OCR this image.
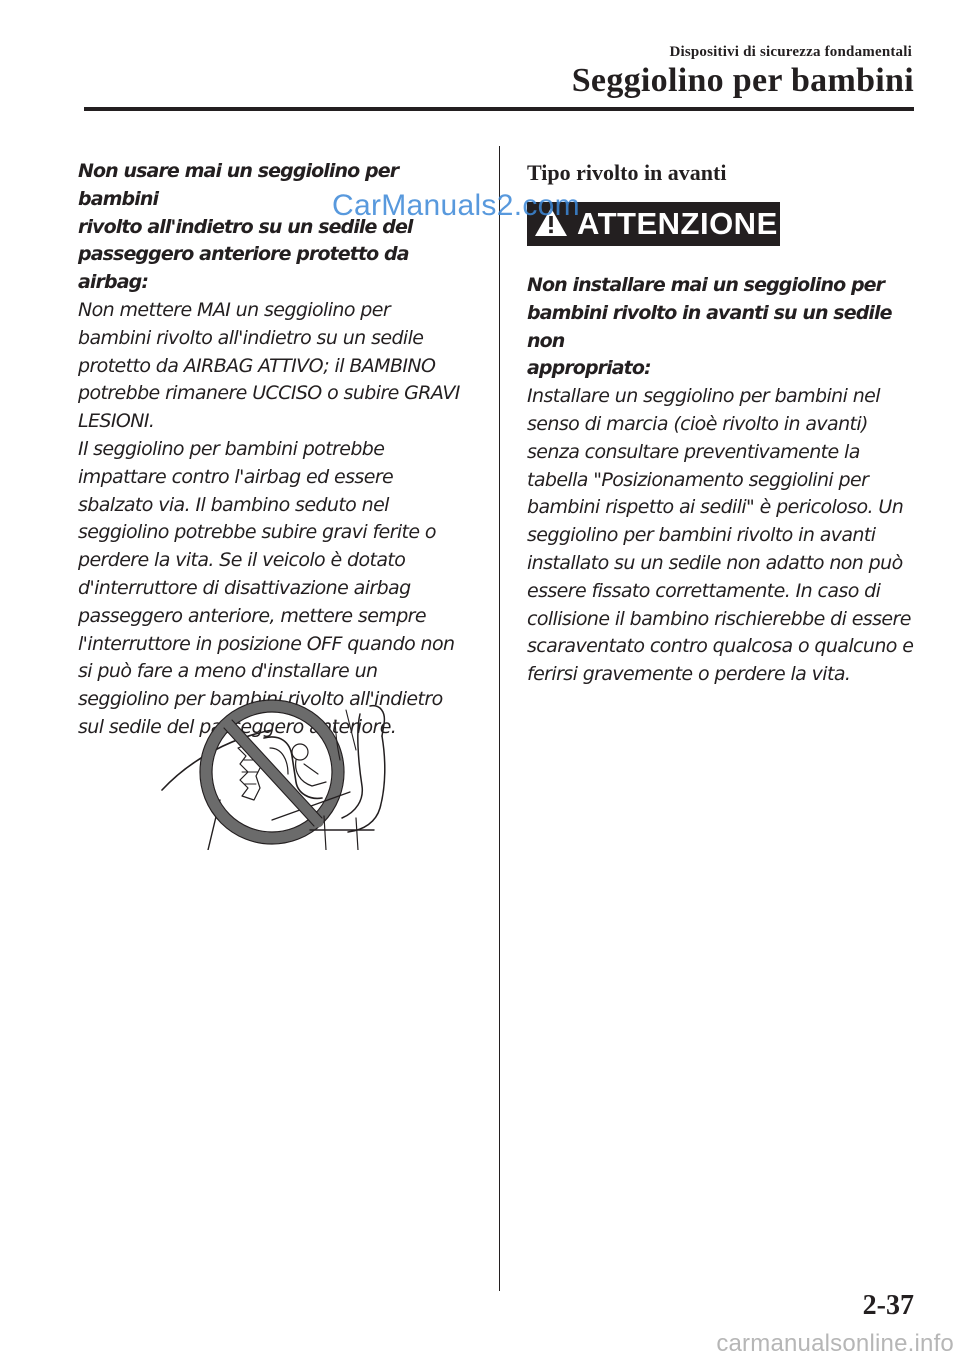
Dispositivi di sicurezza fondamentali
Seggiolino per bambini

Non usare mai un seggiolino per bambini

rivolto all'indietro su un sedile del

passeggero anteriore protetto da airbag:

Non mettere MAI un seggiolino per

bambini rivolto all'indietro su un sedile

protetto da AIRBAG ATTIVO; il BAMBINO

potrebbe rimanere UCCISO o subire GRAVI

LESIONI.

Il seggiolino per bambini potrebbe

impattare contro l'airbag ed essere

sbalzato via. Il bambino seduto nel

seggiolino potrebbe subire gravi ferite o

perdere la vita. Se il veicolo è dotato

d'interruttore di disattivazione airbag

passeggero anteriore, mettere sempre

l'interruttore in posizione OFF quando non

si può fare a meno d'installare un

seggiolino per bambini rivolto all'indietro

sul sedile del passeggero anteriore.

Tipo rivolto in avanti
ATTENZIONE

Non installare mai un seggiolino per

bambini rivolto in avanti su un sedile non

appropriato:

Installare un seggiolino per bambini nel

senso di marcia (cioè rivolto in avanti)

senza consultare preventivamente la

tabella "Posizionamento seggiolini per

bambini rispetto ai sedili" è pericoloso. Un

seggiolino per bambini rivolto in avanti

installato su un sedile non adatto non può

essere fissato correttamente. In caso di

collisione il bambino rischierebbe di essere

scaraventato contro qualcosa o qualcuno e

ferirsi gravemente o perdere la vita.

CarManuals2.com
2-37
carmanualsonline.info
